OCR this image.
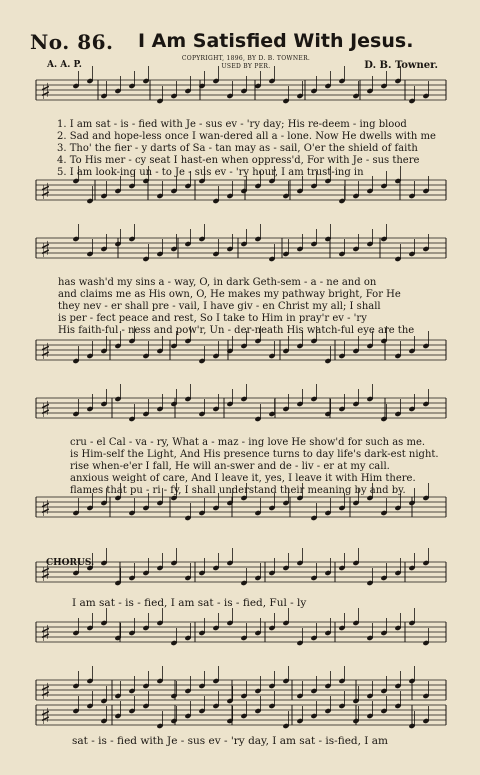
No. 86. I Am Satisfied With Jesus.
COPYRIGHT, 1896, BY D. B. TOWNER.
USED BY PER.
A. A. P.	D. B. Towner.
♯
♯
♯
♯
♯
♯
♯
♯
♯
♯
1. I am sat - is - fied with Je - sus ev - 'ry day; His re-deem - ing blood
2. Sad and hope-less once I wan-dered all a - lone. Now He dwells with me
3. Tho' the fier - y darts of Sa - tan may as - sail, O'er the shield of faith
4. To His mer - cy seat I hast-en when oppress'd, For with Je - sus there
5. I am look-ing un - to Je - sus ev - 'ry hour, I am trust-ing in
has wash'd my sins a - way, O, in dark Geth-sem - a - ne and on
and claims me as His own, O, He makes my pathway bright, For He
they nev - er shall pre - vail, I have giv - en Christ my all; I shall
is per - fect peace and rest, So I take to Him in pray'r ev - 'ry
His faith-ful - ness and pow'r, Un - der-neath His watch-ful eye are the
cru - el Cal - va - ry, What a - maz - ing love He show'd for such as me.
is Him-self the Light, And His presence turns to day life's dark-est night.
rise when-e'er I fall, He will an-swer and de - liv - er at my call.
anxious weight of care, And I leave it, yes, I leave it with Him there.
flames that pu - ri - fy, I shall understand their meaning by and by.
CHORUS.
I am sat - is - fied, I am sat - is - fied, Ful - ly
sat - is - fied with Je - sus ev - 'ry day, I am sat - is-fied, I am
